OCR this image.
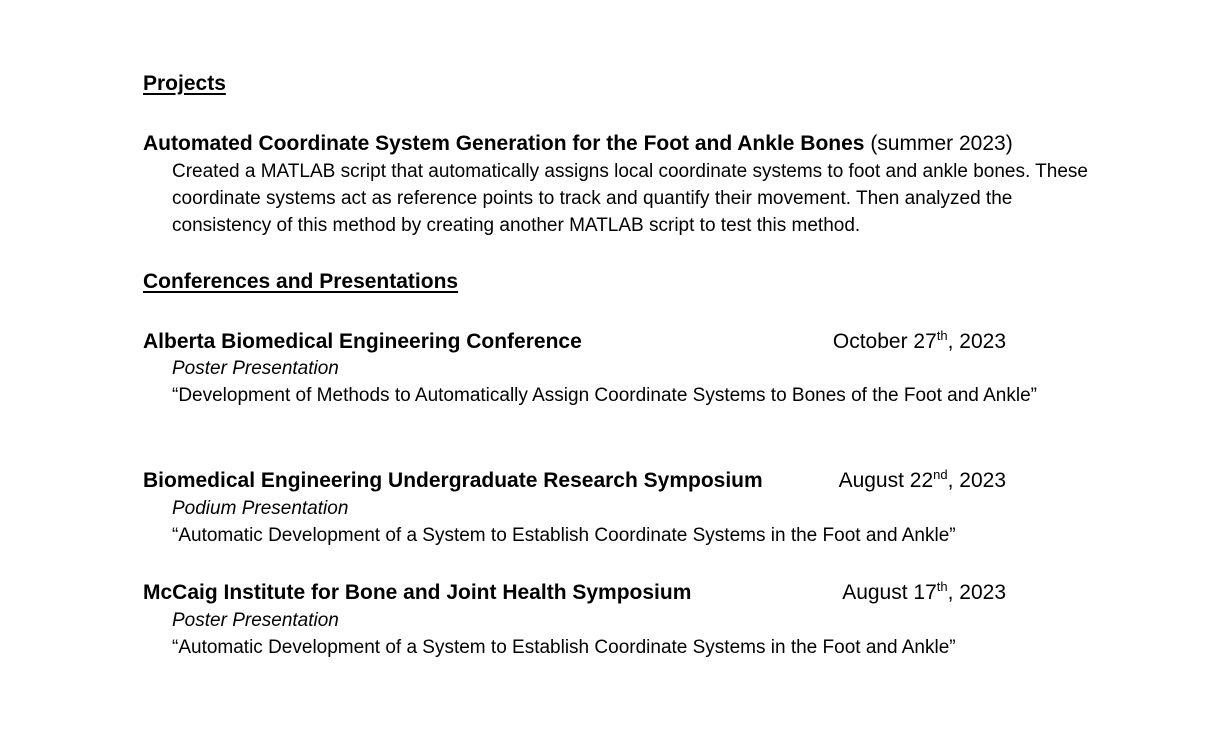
Projects
Automated Coordinate System Generation for the Foot and Ankle Bones (summer 2023)
Created a MATLAB script that automatically assigns local coordinate systems to foot and ankle bones. These coordinate systems act as reference points to track and quantify their movement. Then analyzed the consistency of this method by creating another MATLAB script to test this method.
Conferences and Presentations
Alberta Biomedical Engineering Conference	October 27th, 2023
Poster Presentation
“Development of Methods to Automatically Assign Coordinate Systems to Bones of the Foot and Ankle”
Biomedical Engineering Undergraduate Research Symposium	August 22nd, 2023
Podium Presentation
“Automatic Development of a System to Establish Coordinate Systems in the Foot and Ankle”
McCaig Institute for Bone and Joint Health Symposium	August 17th, 2023
Poster Presentation
“Automatic Development of a System to Establish Coordinate Systems in the Foot and Ankle”
